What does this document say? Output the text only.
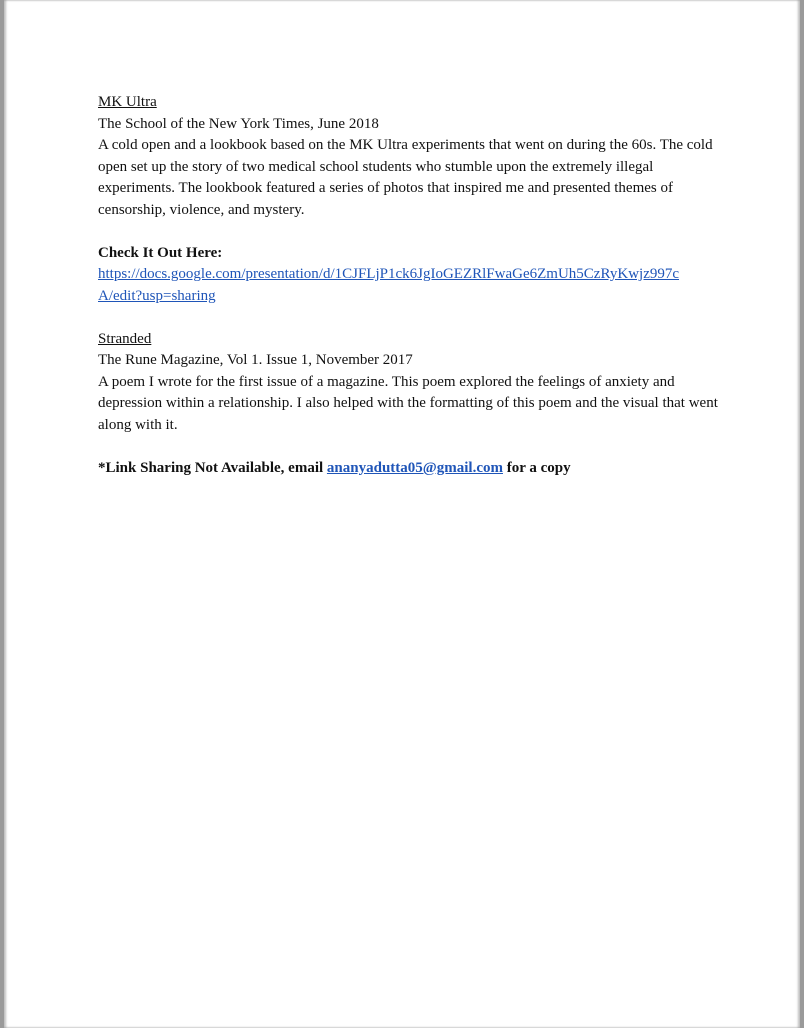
MK Ultra

The School of the New York Times, June 2018

A cold open and a lookbook based on the MK Ultra experiments that went on during the 60s. The cold open set up the story of two medical school students who stumble upon the extremely illegal experiments. The lookbook featured a series of photos that inspired me and presented themes of censorship, violence, and mystery.

Check It Out Here:

https://docs.google.com/presentation/d/1CJFLjP1ck6JgIoGEZRlFwaGe6ZmUh5CzRyKwjz997c
A/edit?usp=sharing

Stranded

The Rune Magazine, Vol 1. Issue 1, November 2017

A poem I wrote for the first issue of a magazine. This poem explored the feelings of anxiety and depression within a relationship. I also helped with the formatting of this poem and the visual that went along with it.

*Link Sharing Not Available, email ananyadutta05@gmail.com for a copy
